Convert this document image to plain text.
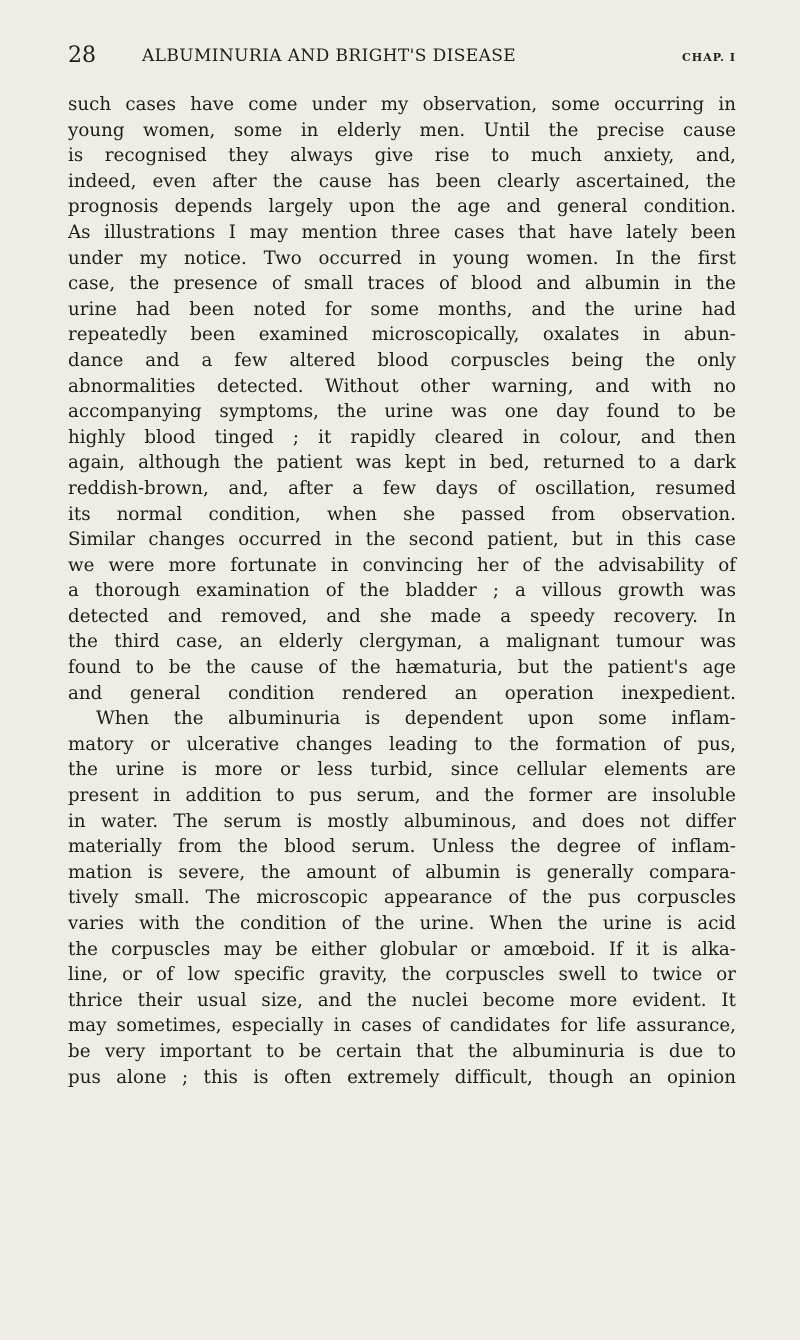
28	ALBUMINURIA AND BRIGHT'S DISEASE	CHAP. I
such cases have come under my observation, some occurring in
young women, some in elderly men. Until the precise cause
is recognised they always give rise to much anxiety, and,
indeed, even after the cause has been clearly ascertained, the
prognosis depends largely upon the age and general condition.
As illustrations I may mention three cases that have lately been
under my notice. Two occurred in young women. In the first
case, the presence of small traces of blood and albumin in the
urine had been noted for some months, and the urine had
repeatedly been examined microscopically, oxalates in abun-
dance and a few altered blood corpuscles being the only
abnormalities detected. Without other warning, and with no
accompanying symptoms, the urine was one day found to be
highly blood tinged ; it rapidly cleared in colour, and then
again, although the patient was kept in bed, returned to a dark
reddish-brown, and, after a few days of oscillation, resumed
its normal condition, when she passed from observation.
Similar changes occurred in the second patient, but in this case
we were more fortunate in convincing her of the advisability of
a thorough examination of the bladder ; a villous growth was
detected and removed, and she made a speedy recovery. In
the third case, an elderly clergyman, a malignant tumour was
found to be the cause of the hæmaturia, but the patient's age
and general condition rendered an operation inexpedient.
When the albuminuria is dependent upon some inflam-
matory or ulcerative changes leading to the formation of pus,
the urine is more or less turbid, since cellular elements are
present in addition to pus serum, and the former are insoluble
in water. The serum is mostly albuminous, and does not differ
materially from the blood serum. Unless the degree of inflam-
mation is severe, the amount of albumin is generally compara-
tively small. The microscopic appearance of the pus corpuscles
varies with the condition of the urine. When the urine is acid
the corpuscles may be either globular or amœboid. If it is alka-
line, or of low specific gravity, the corpuscles swell to twice or
thrice their usual size, and the nuclei become more evident. It
may sometimes, especially in cases of candidates for life assurance,
be very important to be certain that the albuminuria is due to
pus alone ; this is often extremely difficult, though an opinion
